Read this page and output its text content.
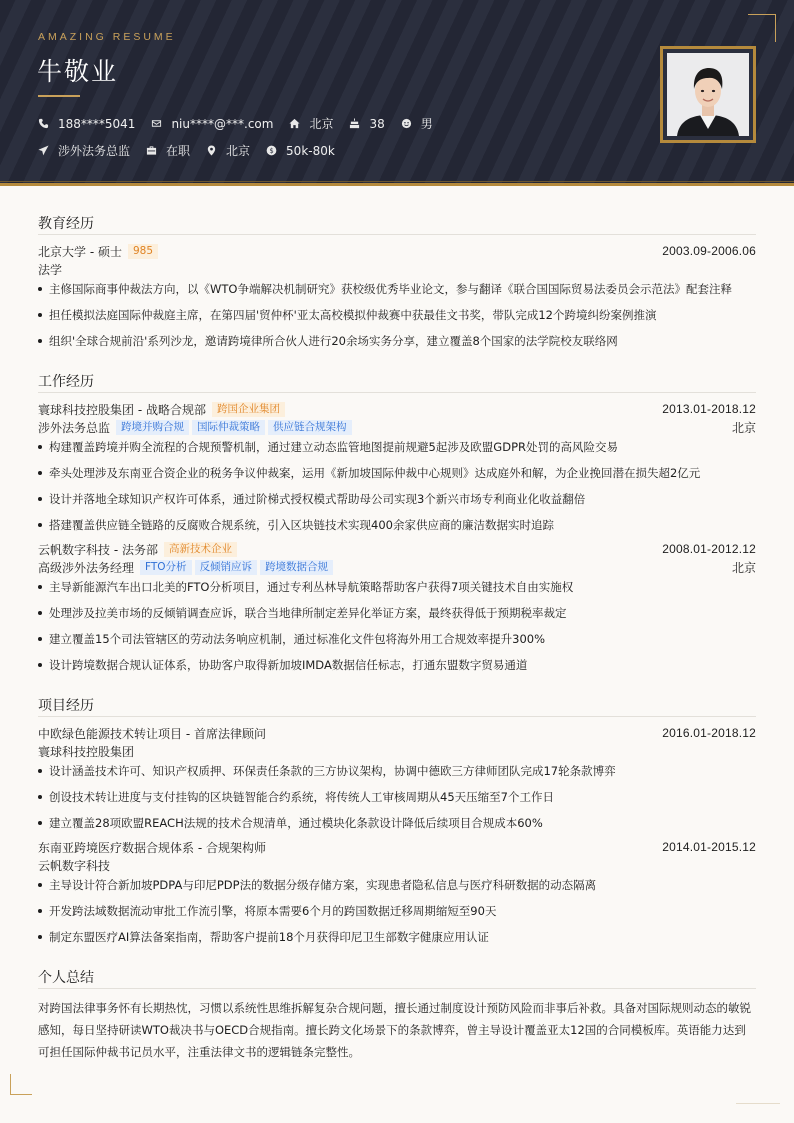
AMAZING RESUME
牛敬业
188****5041	niu****@***.com	北京	38	男
涉外法务总监	在职	北京	$ 50k-80k
教育经历
北京大学 - 硕士	985	2003.09-2006.06
法学
主修国际商事仲裁法方向，以《WTO争端解决机制研究》获校级优秀毕业论文，参与翻译《联合国国际贸易法委员会示范法》配套注释
担任模拟法庭国际仲裁庭主席，在第四届'贸仲杯'亚太高校模拟仲裁赛中获最佳文书奖，带队完成12个跨境纠纷案例推演
组织'全球合规前沿'系列沙龙，邀请跨境律所合伙人进行20余场实务分享，建立覆盖8个国家的法学院校友联络网
工作经历
寰球科技控股集团 - 战略合规部	跨国企业集团	2013.01-2018.12
涉外法务总监	跨境并购合规	国际仲裁策略	供应链合规架构	北京
构建覆盖跨境并购全流程的合规预警机制，通过建立动态监管地图提前规避5起涉及欧盟GDPR处罚的高风险交易
牵头处理涉及东南亚合资企业的税务争议仲裁案，运用《新加坡国际仲裁中心规则》达成庭外和解，为企业挽回潜在损失超2亿元
设计并落地全球知识产权许可体系，通过阶梯式授权模式帮助母公司实现3个新兴市场专利商业化收益翻倍
搭建覆盖供应链全链路的反腐败合规系统，引入区块链技术实现400余家供应商的廉洁数据实时追踪
云帆数字科技 - 法务部	高新技术企业	2008.01-2012.12
高级涉外法务经理	FTO分析	反倾销应诉	跨境数据合规	北京
主导新能源汽车出口北美的FTO分析项目，通过专利丛林导航策略帮助客户获得7项关键技术自由实施权
处理涉及拉美市场的反倾销调查应诉，联合当地律所制定差异化举证方案，最终获得低于预期税率裁定
建立覆盖15个司法管辖区的劳动法务响应机制，通过标准化文件包将海外用工合规效率提升300%
设计跨境数据合规认证体系，协助客户取得新加坡IMDA数据信任标志，打通东盟数字贸易通道
项目经历
中欧绿色能源技术转让项目 - 首席法律顾问	2016.01-2018.12
寰球科技控股集团
设计涵盖技术许可、知识产权质押、环保责任条款的三方协议架构，协调中德欧三方律师团队完成17轮条款博弈
创设技术转让进度与支付挂钩的区块链智能合约系统，将传统人工审核周期从45天压缩至7个工作日
建立覆盖28项欧盟REACH法规的技术合规清单，通过模块化条款设计降低后续项目合规成本60%
东南亚跨境医疗数据合规体系 - 合规架构师	2014.01-2015.12
云帆数字科技
主导设计符合新加坡PDPA与印尼PDP法的数据分级存储方案，实现患者隐私信息与医疗科研数据的动态隔离
开发跨法域数据流动审批工作流引擎，将原本需要6个月的跨国数据迁移周期缩短至90天
制定东盟医疗AI算法备案指南，帮助客户提前18个月获得印尼卫生部数字健康应用认证
个人总结
对跨国法律事务怀有长期热忱，习惯以系统性思维拆解复杂合规问题，擅长通过制度设计预防风险而非事后补救。具备对国际规则动态的敏锐感知，每日坚持研读WTO裁决书与OECD合规指南。擅长跨文化场景下的条款博弈，曾主导设计覆盖亚太12国的合同模板库。英语能力达到可担任国际仲裁书记员水平，注重法律文书的逻辑链条完整性。
